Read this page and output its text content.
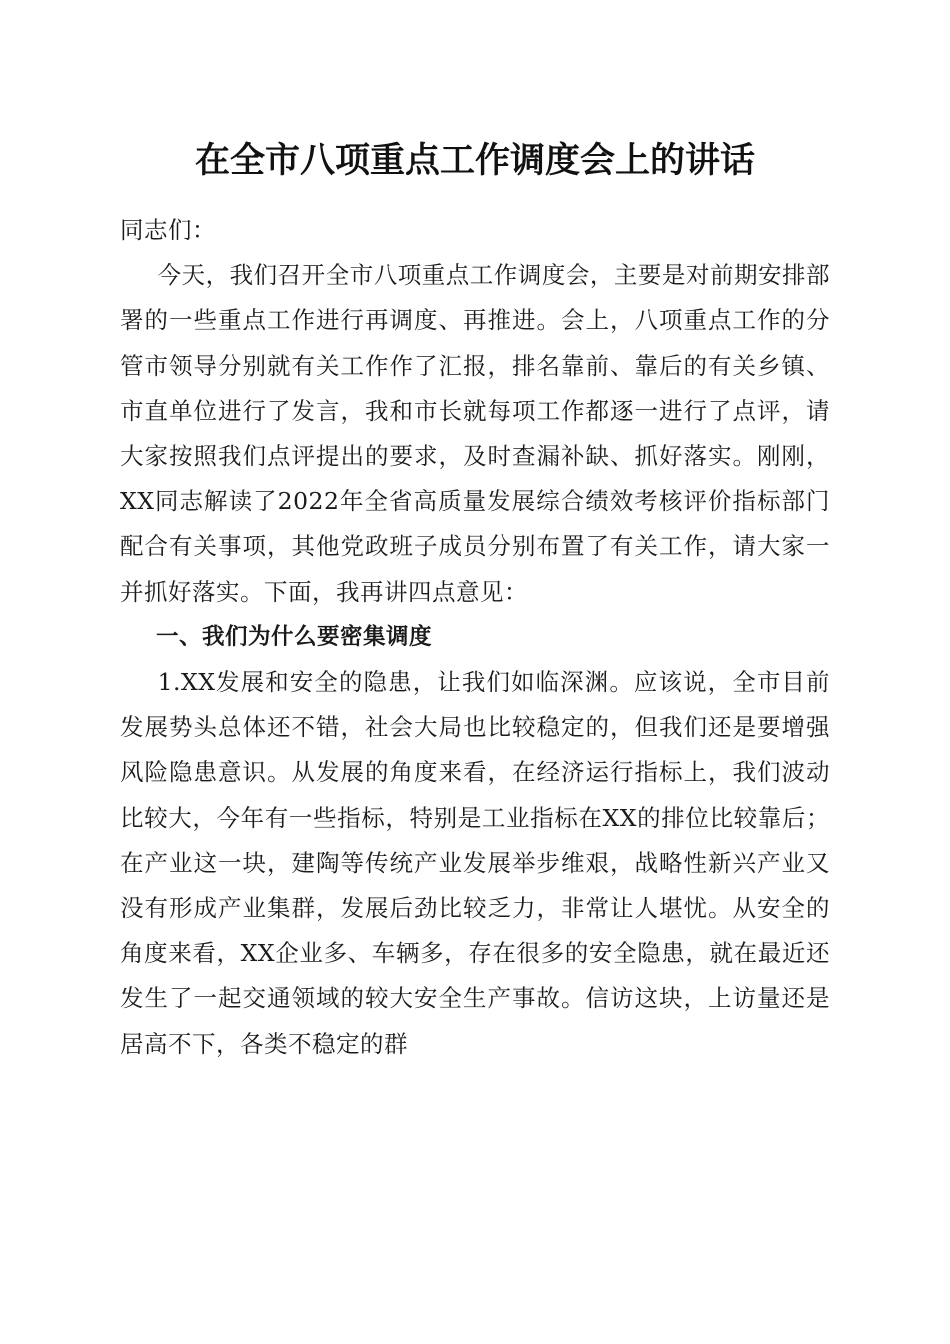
在全市八项重点工作调度会上的讲话

同志们：

今天，我们召开全市八项重点工作调度会，主要是对前期安排部署的一些重点工作进行再调度、再推进。会上，八项重点工作的分管市领导分别就有关工作作了汇报，排名靠前、靠后的有关乡镇、市直单位进行了发言，我和市长就每项工作都逐一进行了点评，请大家按照我们点评提出的要求，及时查漏补缺、抓好落实。刚刚，XX同志解读了2022年全省高质量发展综合绩效考核评价指标部门配合有关事项，其他党政班子成员分别布置了有关工作，请大家一并抓好落实。下面，我再讲四点意见：

一、我们为什么要密集调度

1.XX发展和安全的隐患，让我们如临深渊。应该说，全市目前发展势头总体还不错，社会大局也比较稳定的，但我们还是要增强风险隐患意识。从发展的角度来看，在经济运行指标上，我们波动比较大，今年有一些指标，特别是工业指标在XX的排位比较靠后；在产业这一块，建陶等传统产业发展举步维艰，战略性新兴产业又没有形成产业集群，发展后劲比较乏力，非常让人堪忧。从安全的角度来看，XX企业多、车辆多，存在很多的安全隐患，就在最近还发生了一起交通领域的较大安全生产事故。信访这块，上访量还是居高不下，各类不稳定的群
